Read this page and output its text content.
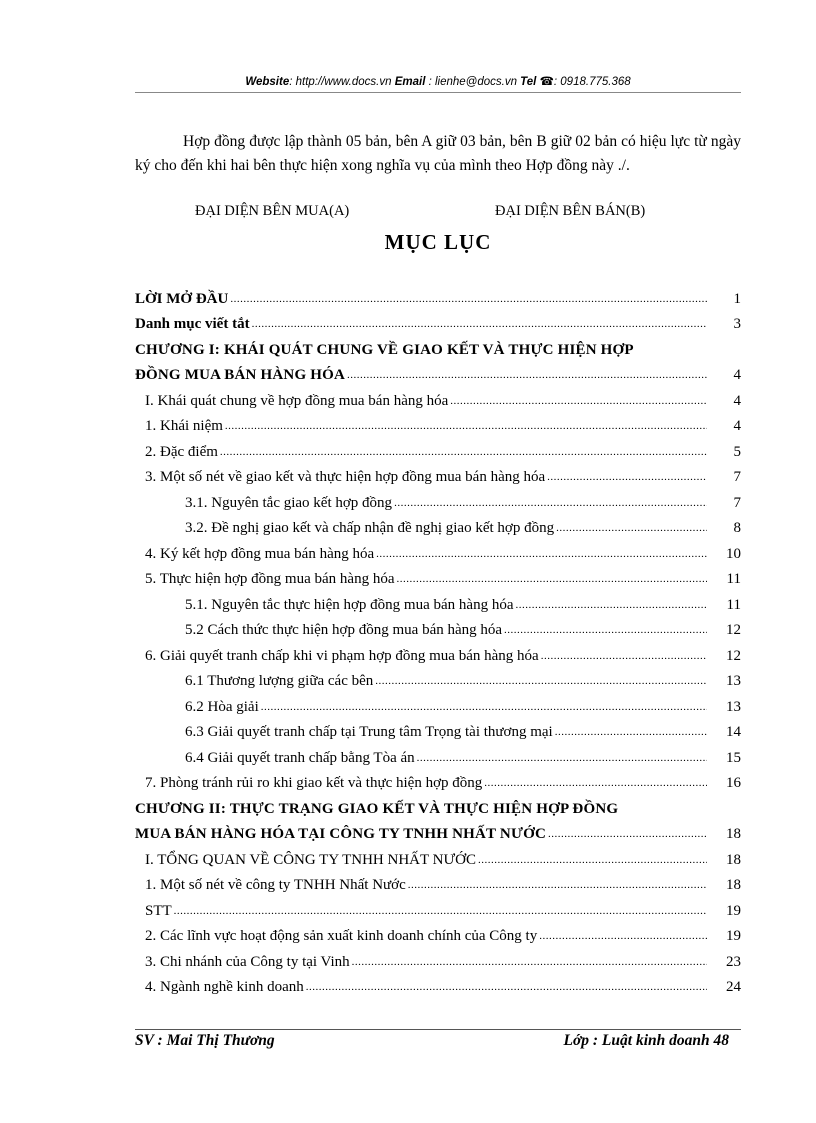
Website: http://www.docs.vn Email : lienhe@docs.vn Tel ☎: 0918.775.368
Hợp đồng được lập thành 05 bản, bên A giữ 03 bản, bên B giữ 02 bản có hiệu lực từ ngày ký cho đến khi hai bên thực hiện xong nghĩa vụ của mình theo Hợp đồng này ./.
ĐẠI DIỆN BÊN MUA(A)	ĐẠI DIỆN BÊN BÁN(B)
MỤC LỤC
LỜI MỞ ĐẦU .....	1
Danh mục viết tắt .....	3
CHƯƠNG I: KHÁI QUÁT CHUNG VỀ GIAO KẾT VÀ THỰC HIỆN HỢP
ĐỒNG MUA BÁN HÀNG HÓA .....	4
I. Khái quát chung về hợp đồng mua bán hàng hóa .....	4
1. Khái niệm .....	4
2. Đặc điểm .....	5
3. Một số nét về giao kết và thực hiện hợp đồng mua bán hàng hóa .....	7
3.1. Nguyên tắc giao kết hợp đồng .....	7
3.2. Đề nghị giao kết và chấp nhận đề nghị giao kết hợp đồng .....	8
4. Ký kết hợp đồng mua bán hàng hóa .....	10
5. Thực hiện hợp đồng mua bán hàng hóa .....	11
5.1. Nguyên tắc thực hiện hợp đồng mua bán hàng hóa .....	11
5.2 Cách thức thực hiện hợp đồng mua bán hàng hóa .....	12
6. Giải quyết tranh chấp khi vi phạm hợp đồng mua bán hàng hóa .....	12
6.1 Thương lượng giữa các bên .....	13
6.2 Hòa giải .....	13
6.3 Giải quyết tranh chấp tại Trung tâm Trọng tài thương mại .....	14
6.4 Giải quyết tranh chấp bằng Tòa án .....	15
7. Phòng tránh rủi ro khi giao kết và thực hiện hợp đồng .....	16
CHƯƠNG II: THỰC TRẠNG GIAO KẾT VÀ THỰC HIỆN HỢP ĐỒNG
MUA BÁN HÀNG HÓA TẠI CÔNG TY TNHH NHẤT NƯỚC .....	18
I. TỔNG QUAN VỀ CÔNG TY TNHH NHẤT NƯỚC .....	18
1. Một số nét về công ty TNHH Nhất Nước .....	18
STT .....	19
2. Các lĩnh vực hoạt động sản xuất kinh doanh chính của Công ty .....	19
3. Chi nhánh của Công ty tại Vinh .....	23
4. Ngành nghề kinh doanh .....	24
SV : Mai Thị Thương	Lớp : Luật kinh doanh 48
